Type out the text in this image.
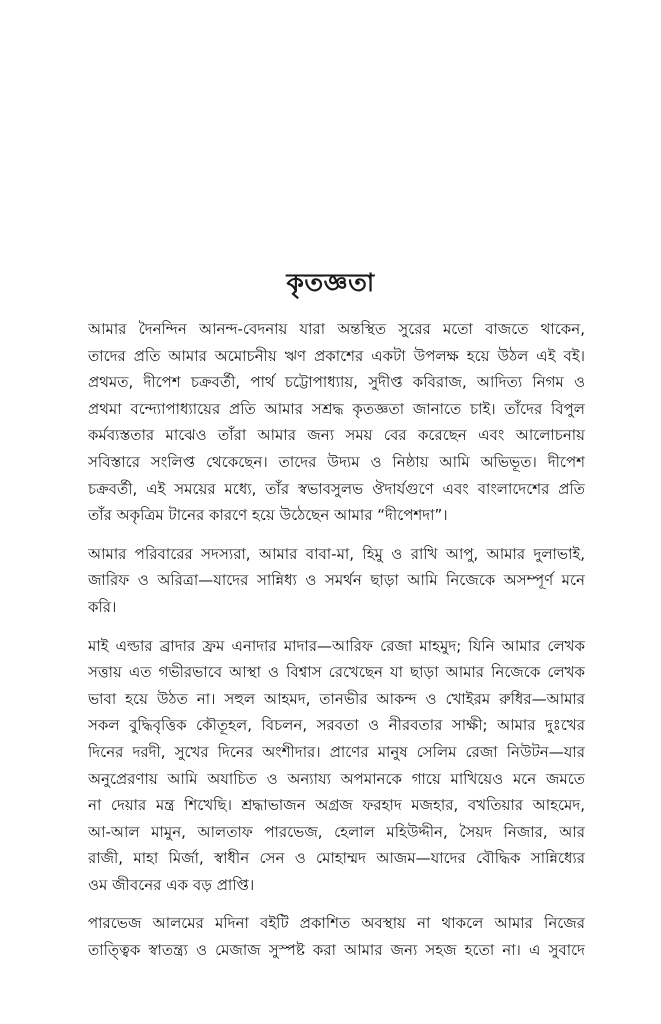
কৃতজ্ঞতা
আমার দৈনন্দিন আনন্দ-বেদনায় যারা অন্তস্থিত সুরের মতো বাজতে থাকেন,
তাদের প্রতি আমার অমোচনীয় ঋণ প্রকাশের একটা উপলক্ষ হয়ে উঠল এই বই।
প্রথমত, দীপেশ চক্রবর্তী, পার্থ চট্টোপাধ্যায়, সুদীপ্ত কবিরাজ, আদিত্য নিগম ও
প্রথমা বন্দ্যোপাধ্যায়ের প্রতি আমার সশ্রদ্ধ কৃতজ্ঞতা জানাতে চাই। তাঁদের বিপুল
কর্মব্যস্ততার মাঝেও তাঁরা আমার জন্য সময় বের করেছেন এবং আলোচনায়
সবিস্তারে সংলিপ্ত থেকেছেন। তাদের উদ্যম ও নিষ্ঠায় আমি অভিভূত। দীপেশ
চক্রবর্তী, এই সময়ের মধ্যে, তাঁর স্বভাবসুলভ ঔদার্যগুণে এবং বাংলাদেশের প্রতি
তাঁর অকৃত্রিম টানের কারণে হয়ে উঠেছেন আমার “দীপেশদা”।
আমার পরিবারের সদস্যরা, আমার বাবা-মা, হিমু ও রাখি আপু, আমার দুলাভাই,
জারিফ ও অরিত্রা—যাদের সান্নিধ্য ও সমর্থন ছাড়া আমি নিজেকে অসম্পূর্ণ মনে
করি।
মাই এল্ডার ব্রাদার ফ্রম এনাদার মাদার—আরিফ রেজা মাহমুদ; যিনি আমার লেখক
সত্তায় এত গভীরভাবে আস্থা ও বিশ্বাস রেখেছেন যা ছাড়া আমার নিজেকে লেখক
ভাবা হয়ে উঠত না। সহুল আহমদ, তানভীর আকন্দ ও খোইরম রুধির—আমার
সকল বুদ্ধিবৃত্তিক কৌতূহল, বিচলন, সরবতা ও নীরবতার সাক্ষী; আমার দুঃখের
দিনের দরদী, সুখের দিনের অংশীদার। প্রাণের মানুষ সেলিম রেজা নিউটন—যার
অনুপ্রেরণায় আমি অযাচিত ও অন্যায্য অপমানকে গায়ে মাখিয়েও মনে জমতে
না দেয়ার মন্ত্র শিখেছি। শ্রদ্ধাভাজন অগ্রজ ফরহাদ মজহার, বখতিয়ার আহমেদ,
আ-আল মামুন, আলতাফ পারভেজ, হেলাল মহিউদ্দীন, সৈয়দ নিজার, আর
রাজী, মাহা মির্জা, স্বাধীন সেন ও মোহাম্মদ আজম—যাদের বৌদ্ধিক সান্নিধ্যের
ওম জীবনের এক বড় প্রাপ্তি।
পারভেজ আলমের মদিনা বইটি প্রকাশিত অবস্থায় না থাকলে আমার নিজের
তাত্ত্বিক স্বাতন্ত্র্য ও মেজাজ সুস্পষ্ট করা আমার জন্য সহজ হতো না। এ সুবাদে
